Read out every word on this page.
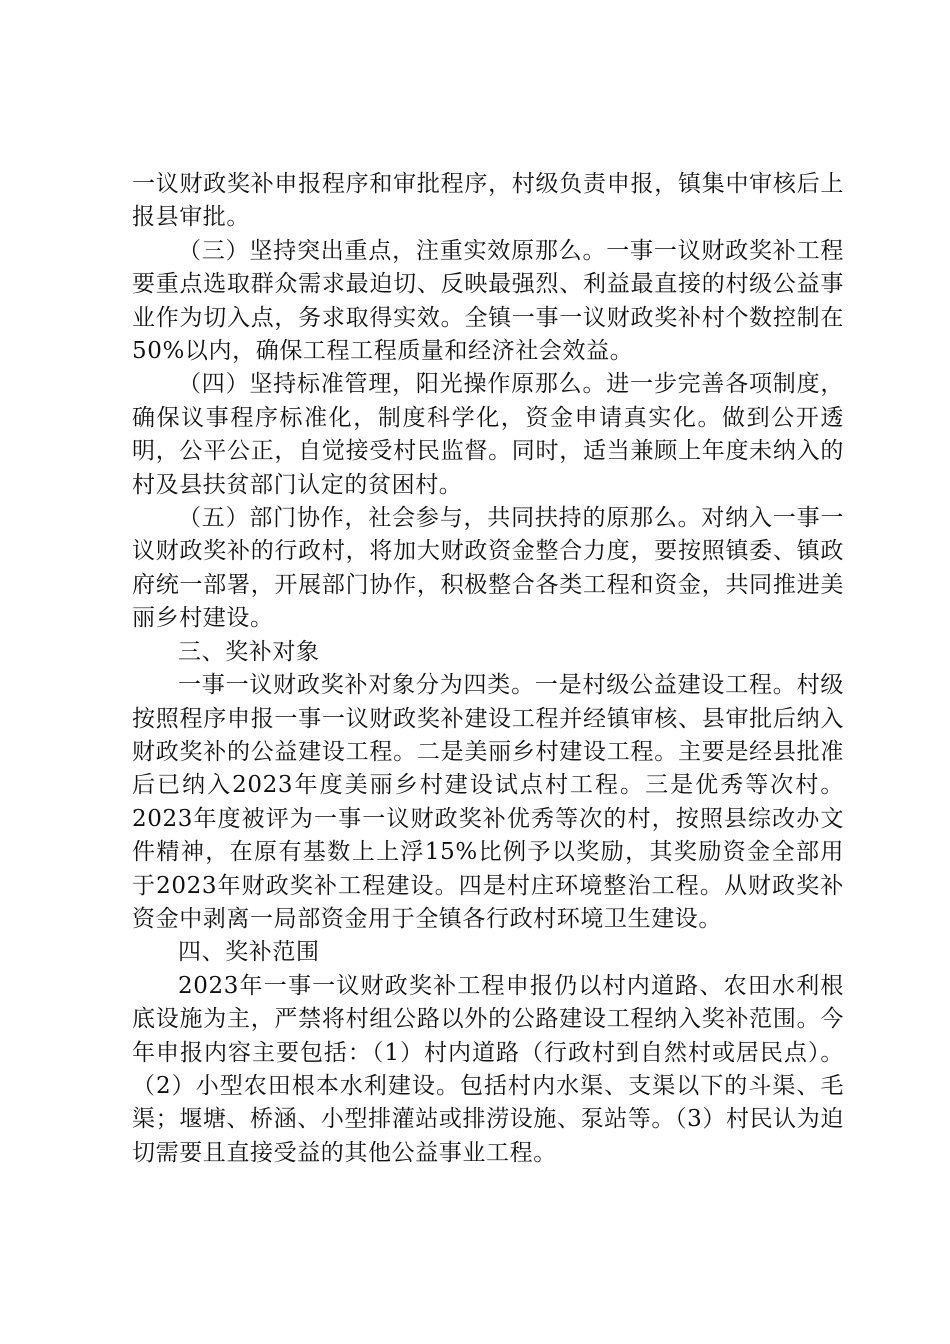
一议财政奖补申报程序和审批程序，村级负责申报，镇集中审核后上报县审批。

（三）坚持突出重点，注重实效原那么。一事一议财政奖补工程要重点选取群众需求最迫切、反映最强烈、利益最直接的村级公益事业作为切入点，务求取得实效。全镇一事一议财政奖补村个数控制在50%以内，确保工程工程质量和经济社会效益。

（四）坚持标准管理，阳光操作原那么。进一步完善各项制度，确保议事程序标准化，制度科学化，资金申请真实化。做到公开透明，公平公正，自觉接受村民监督。同时，适当兼顾上年度未纳入的村及县扶贫部门认定的贫困村。

（五）部门协作，社会参与，共同扶持的原那么。对纳入一事一议财政奖补的行政村，将加大财政资金整合力度，要按照镇委、镇政府统一部署，开展部门协作，积极整合各类工程和资金，共同推进美丽乡村建设。

三、奖补对象

一事一议财政奖补对象分为四类。一是村级公益建设工程。村级按照程序申报一事一议财政奖补建设工程并经镇审核、县审批后纳入财政奖补的公益建设工程。二是美丽乡村建设工程。主要是经县批准后已纳入2023年度美丽乡村建设试点村工程。三是优秀等次村。2023年度被评为一事一议财政奖补优秀等次的村，按照县综改办文件精神，在原有基数上上浮15%比例予以奖励，其奖励资金全部用于2023年财政奖补工程建设。四是村庄环境整治工程。从财政奖补资金中剥离一局部资金用于全镇各行政村环境卫生建设。

四、奖补范围

2023年一事一议财政奖补工程申报仍以村内道路、农田水利根底设施为主，严禁将村组公路以外的公路建设工程纳入奖补范围。今年申报内容主要包括：（1）村内道路（行政村到自然村或居民点）。（2）小型农田根本水利建设。包括村内水渠、支渠以下的斗渠、毛渠；堰塘、桥涵、小型排灌站或排涝设施、泵站等。（3）村民认为迫切需要且直接受益的其他公益事业工程。
